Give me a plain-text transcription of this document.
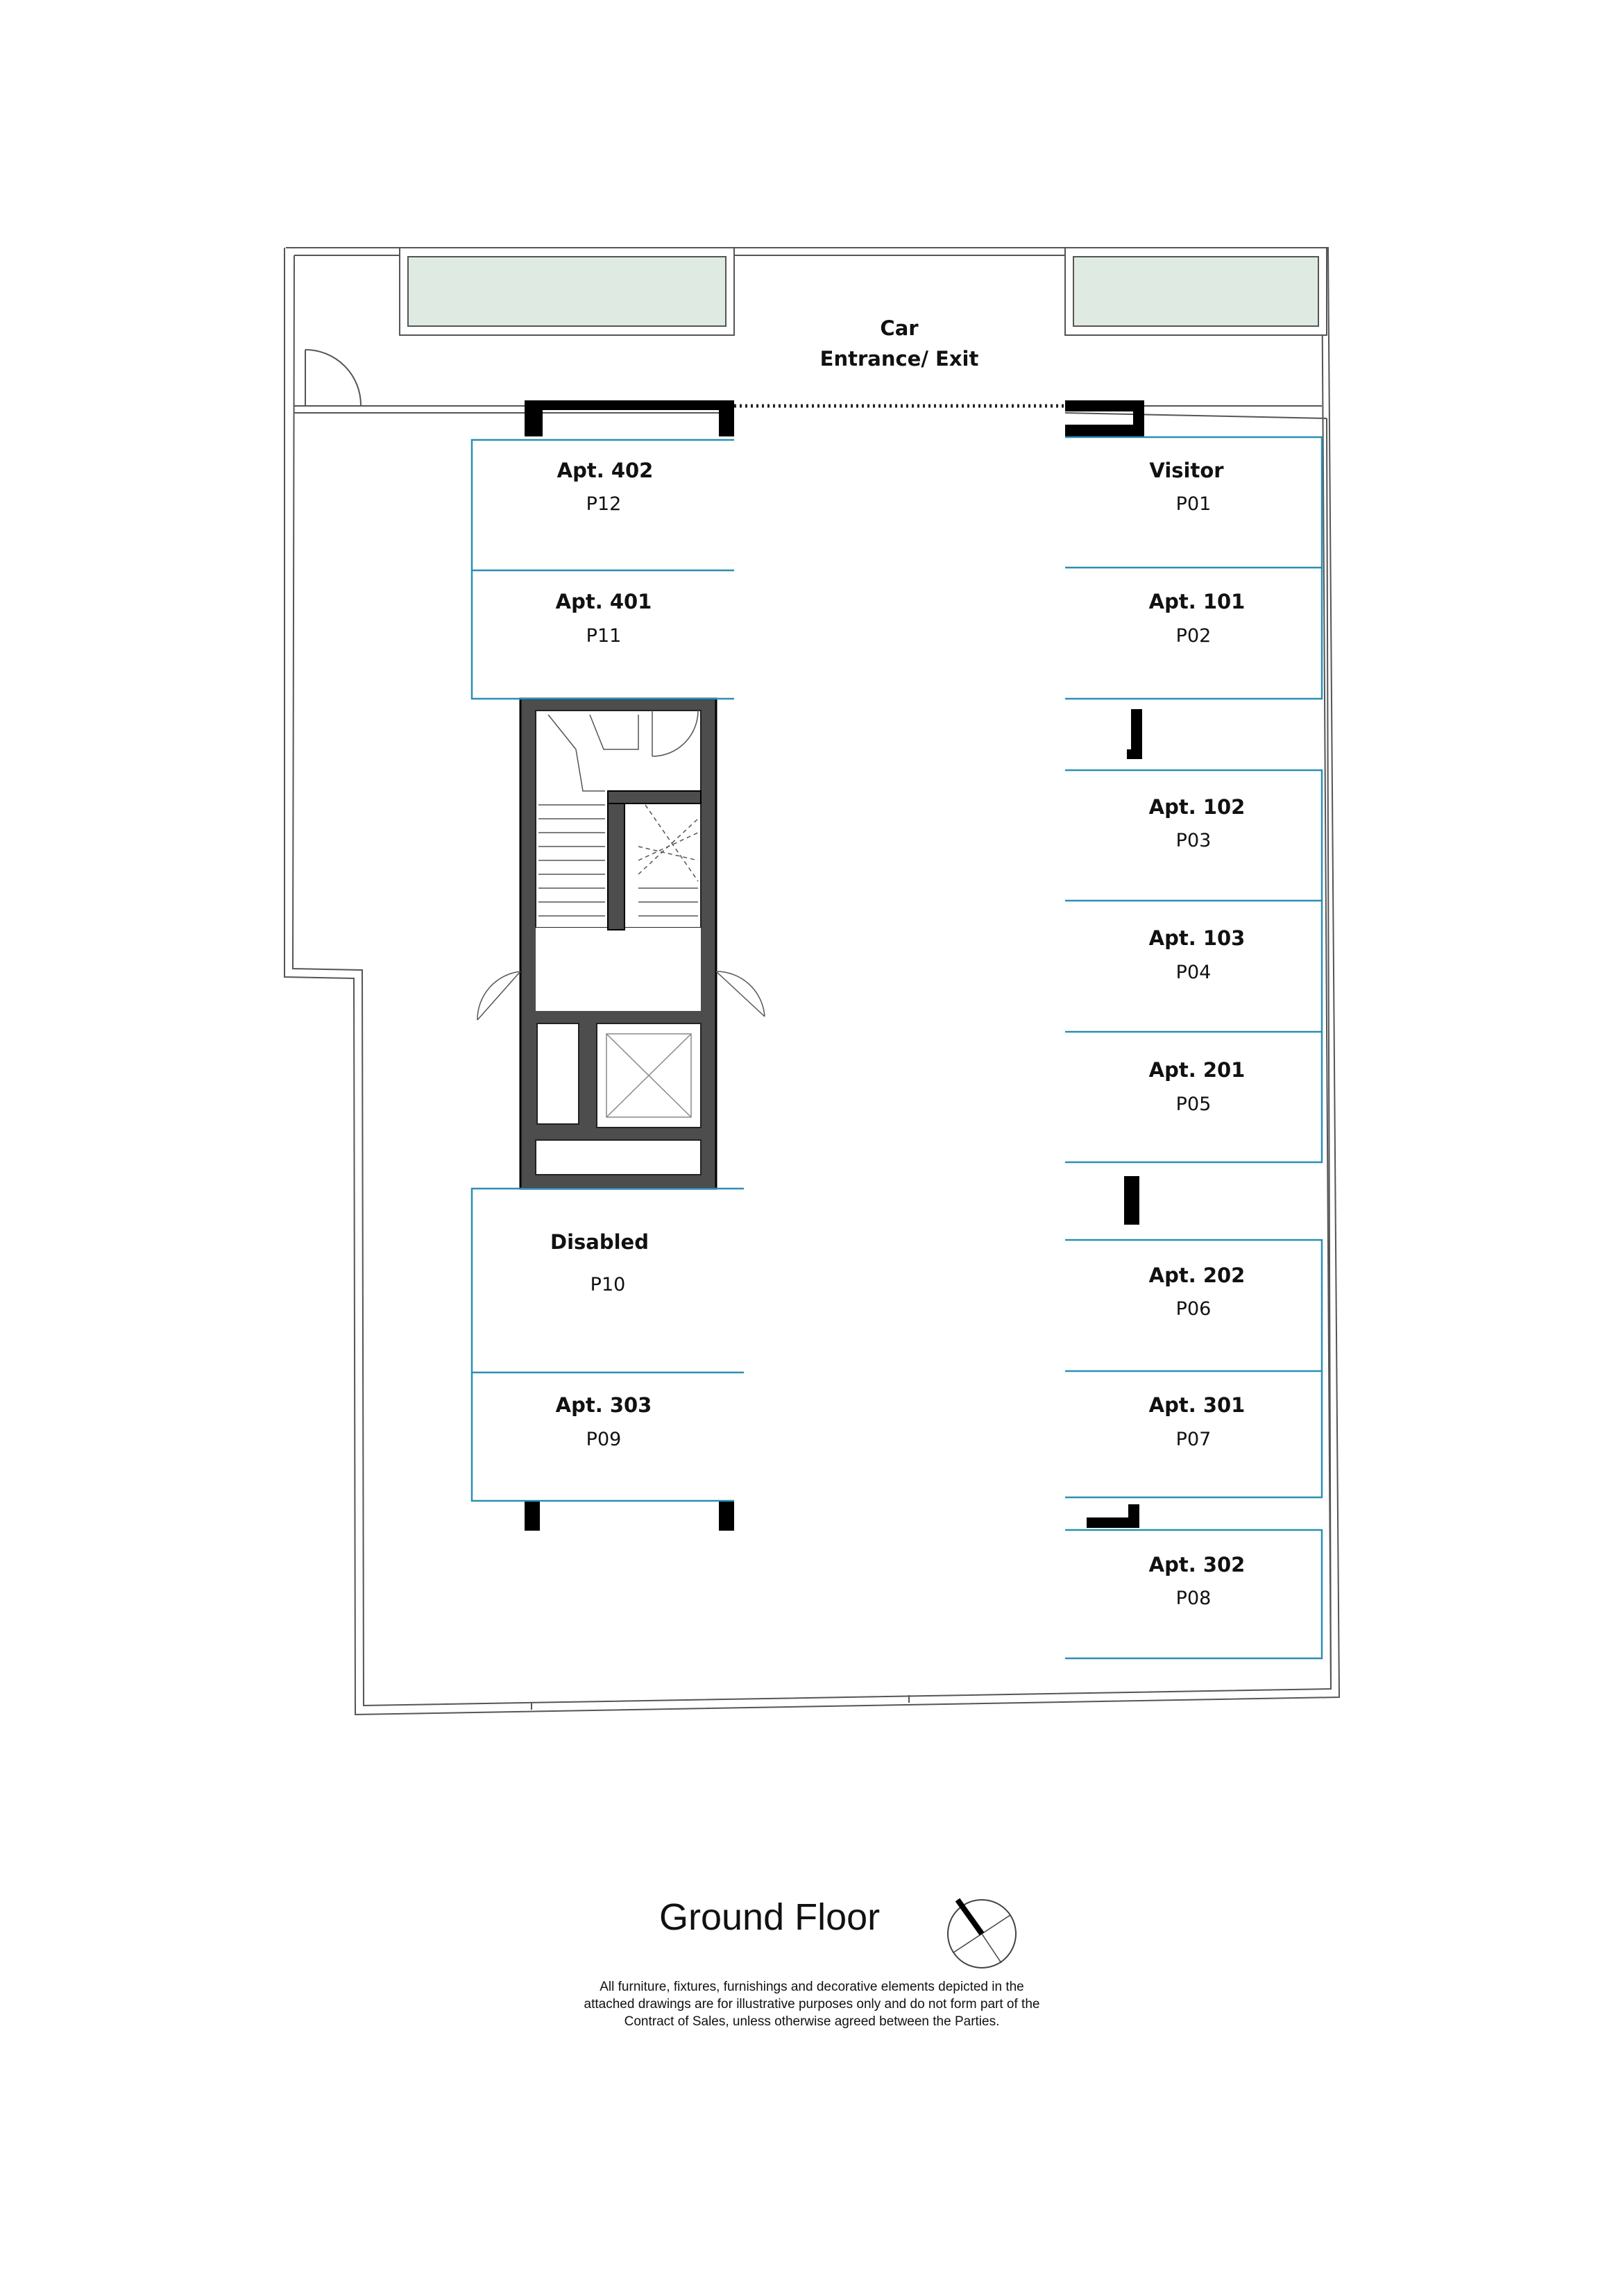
Car
Entrance/ Exit
Apt. 402
P12
Apt. 401
P11
Disabled
P10
Apt. 303
P09
Visitor
P01
Apt. 101
P02
Apt. 102
P03
Apt. 103
P04
Apt. 201
P05
Apt. 202
P06
Apt. 301
P07
Apt. 302
P08
Ground Floor
All furniture, fixtures, furnishings and decorative elements depicted in the
attached drawings are for illustrative purposes only and do not form part of the
Contract of Sales, unless otherwise agreed between the Parties.
